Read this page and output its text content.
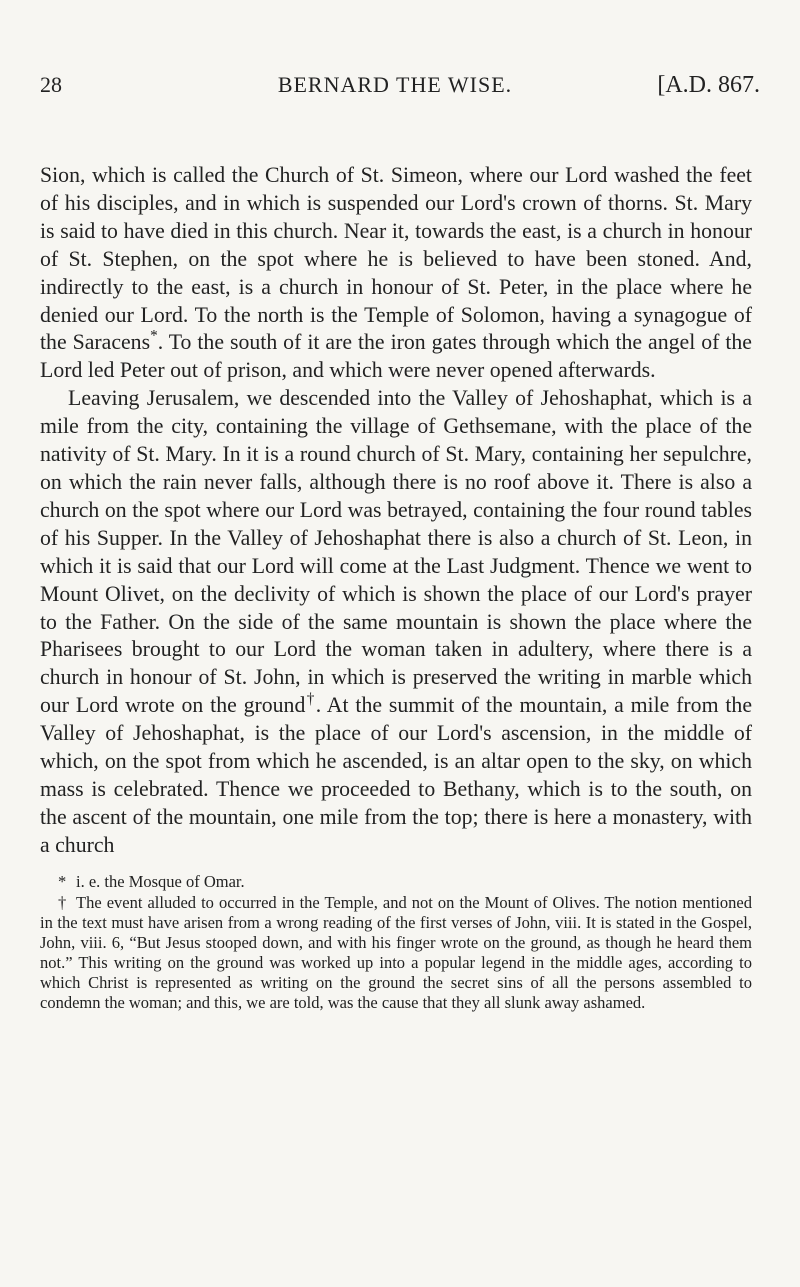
28	BERNARD THE WISE.	[A.D. 867.

Sion, which is called the Church of St. Simeon, where our Lord washed the feet of his disciples, and in which is suspended our Lord's crown of thorns. St. Mary is said to have died in this church. Near it, towards the east, is a church in honour of St. Stephen, on the spot where he is believed to have been stoned. And, indirectly to the east, is a church in honour of St. Peter, in the place where he denied our Lord. To the north is the Temple of Solomon, having a synagogue of the Saracens*. To the south of it are the iron gates through which the angel of the Lord led Peter out of prison, and which were never opened afterwards.

Leaving Jerusalem, we descended into the Valley of Jehoshaphat, which is a mile from the city, containing the village of Gethsemane, with the place of the nativity of St. Mary. In it is a round church of St. Mary, containing her sepulchre, on which the rain never falls, although there is no roof above it. There is also a church on the spot where our Lord was betrayed, containing the four round tables of his Supper. In the Valley of Jehoshaphat there is also a church of St. Leon, in which it is said that our Lord will come at the Last Judgment. Thence we went to Mount Olivet, on the declivity of which is shown the place of our Lord's prayer to the Father. On the side of the same mountain is shown the place where the Pharisees brought to our Lord the woman taken in adultery, where there is a church in honour of St. John, in which is preserved the writing in marble which our Lord wrote on the ground†. At the summit of the mountain, a mile from the Valley of Jehoshaphat, is the place of our Lord's ascension, in the middle of which, on the spot from which he ascended, is an altar open to the sky, on which mass is celebrated. Thence we proceeded to Bethany, which is to the south, on the ascent of the mountain, one mile from the top; there is here a monastery, with a church

* i. e. the Mosque of Omar.

† The event alluded to occurred in the Temple, and not on the Mount of Olives. The notion mentioned in the text must have arisen from a wrong reading of the first verses of John, viii. It is stated in the Gospel, John, viii. 6, “But Jesus stooped down, and with his finger wrote on the ground, as though he heard them not.” This writing on the ground was worked up into a popular legend in the middle ages, according to which Christ is represented as writing on the ground the secret sins of all the persons assembled to condemn the woman; and this, we are told, was the cause that they all slunk away ashamed.
